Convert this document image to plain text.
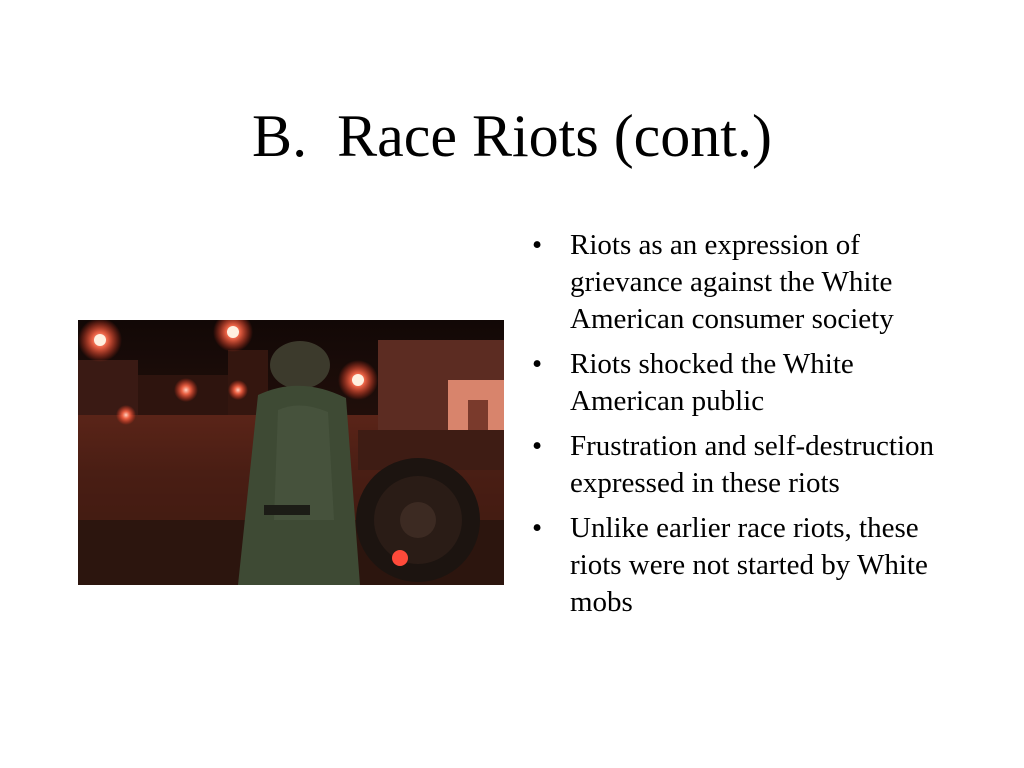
B.  Race Riots (cont.)
• Riots as an expression of grievance against the White American consumer society
• Riots shocked the White American public
• Frustration and self-destruction expressed in these riots
• Unlike earlier race riots, these riots were not started by White mobs
